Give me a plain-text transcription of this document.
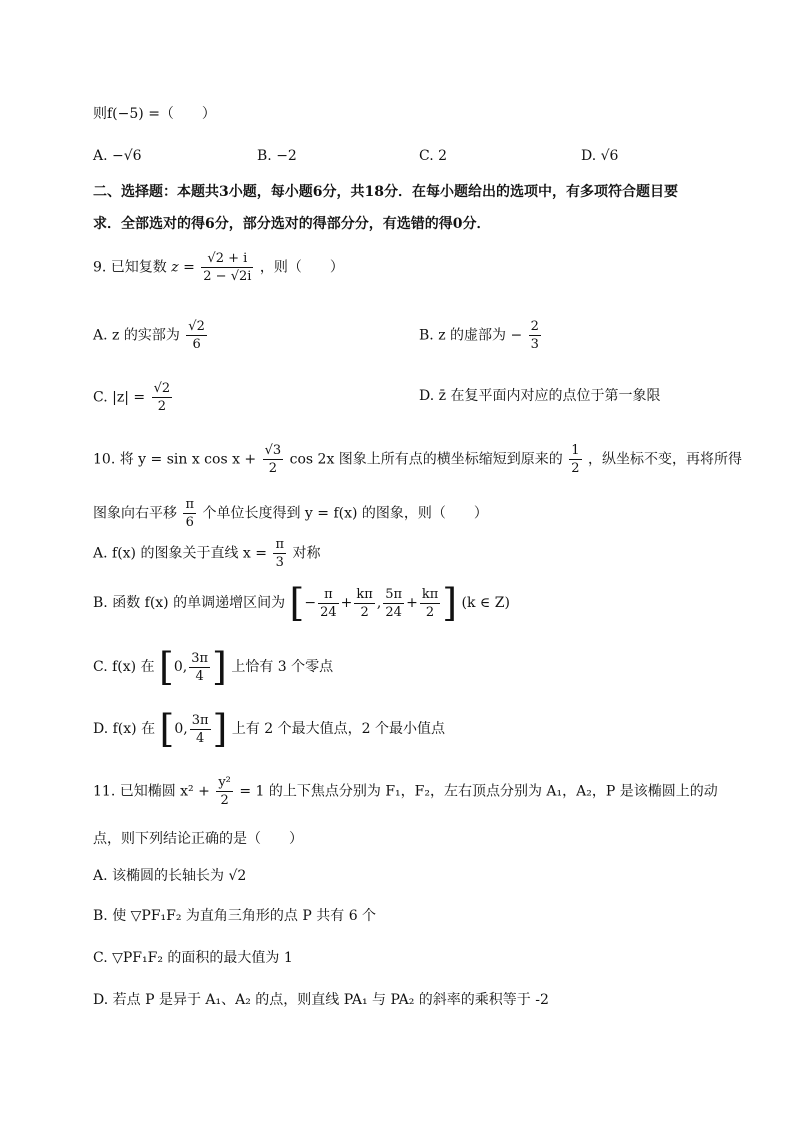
则f(−5) =（　　）
A. −√6	B. −2	C. 2	D. √6
二、选择题：本题共3小题，每小题6分，共18分．在每小题给出的选项中，有多项符合题目要
求．全部选对的得6分，部分选对的得部分分，有选错的得0分．
9. 已知复数 $z = \frac{√2 + i}{2 - √2i}$ ，则（　　）
A. z 的实部为 $\frac{√2}{6}$	B. z 的虚部为 − $\frac{2}{3}$
C. $|z| = \frac{√2}{2}$	D. z̄ 在复平面内对应的点位于第一象限
10. 将 y = sin x $\cos x + \frac{√3}{2}$ cos 2x 图象上所有点的横坐标缩短到原来的 $\frac{1}{2}$ ，纵坐标不变，再将所得
图象向右平移 $\frac{\pi}{6}$ 个单位长度得到 y = f(x) 的图象，则（　　）
A. f(x) 的图象关于直线 $x = \frac{\pi}{3}$ 对称
B. 函数 f(x) 的单调递增区间为 [− $\frac{\pi}{24} + \frac{k\pi}{2}$ , $\frac{5\pi}{24} + \frac{k\pi}{2}$ ] (k ∈ Z)
C. f(x) 在 [0, $\frac{3\pi}{4}$ ] 上恰有 3 个零点
D. f(x) 在 [0, $\frac{3\pi}{4}$ ] 上有 2 个最大值点，2 个最小值点
11. 已知椭圆 $x^2 + \frac{\text{y²}}{2} = 1$ 的上下焦点分别为 F₁，F₂，左右顶点分别为 A₁，A₂，P 是该椭圆上的动
点，则下列结论正确的是（　　）
A. 该椭圆的长轴长为 √2
B. 使 ▽PF₁F₂ 为直角三角形的点 P 共有 6 个
C. ▽PF₁F₂ 的面积的最大值为 1
D. 若点 P 是异于 A₁、A₂ 的点，则直线 PA₁ 与 PA₂ 的斜率的乘积等于 -2
